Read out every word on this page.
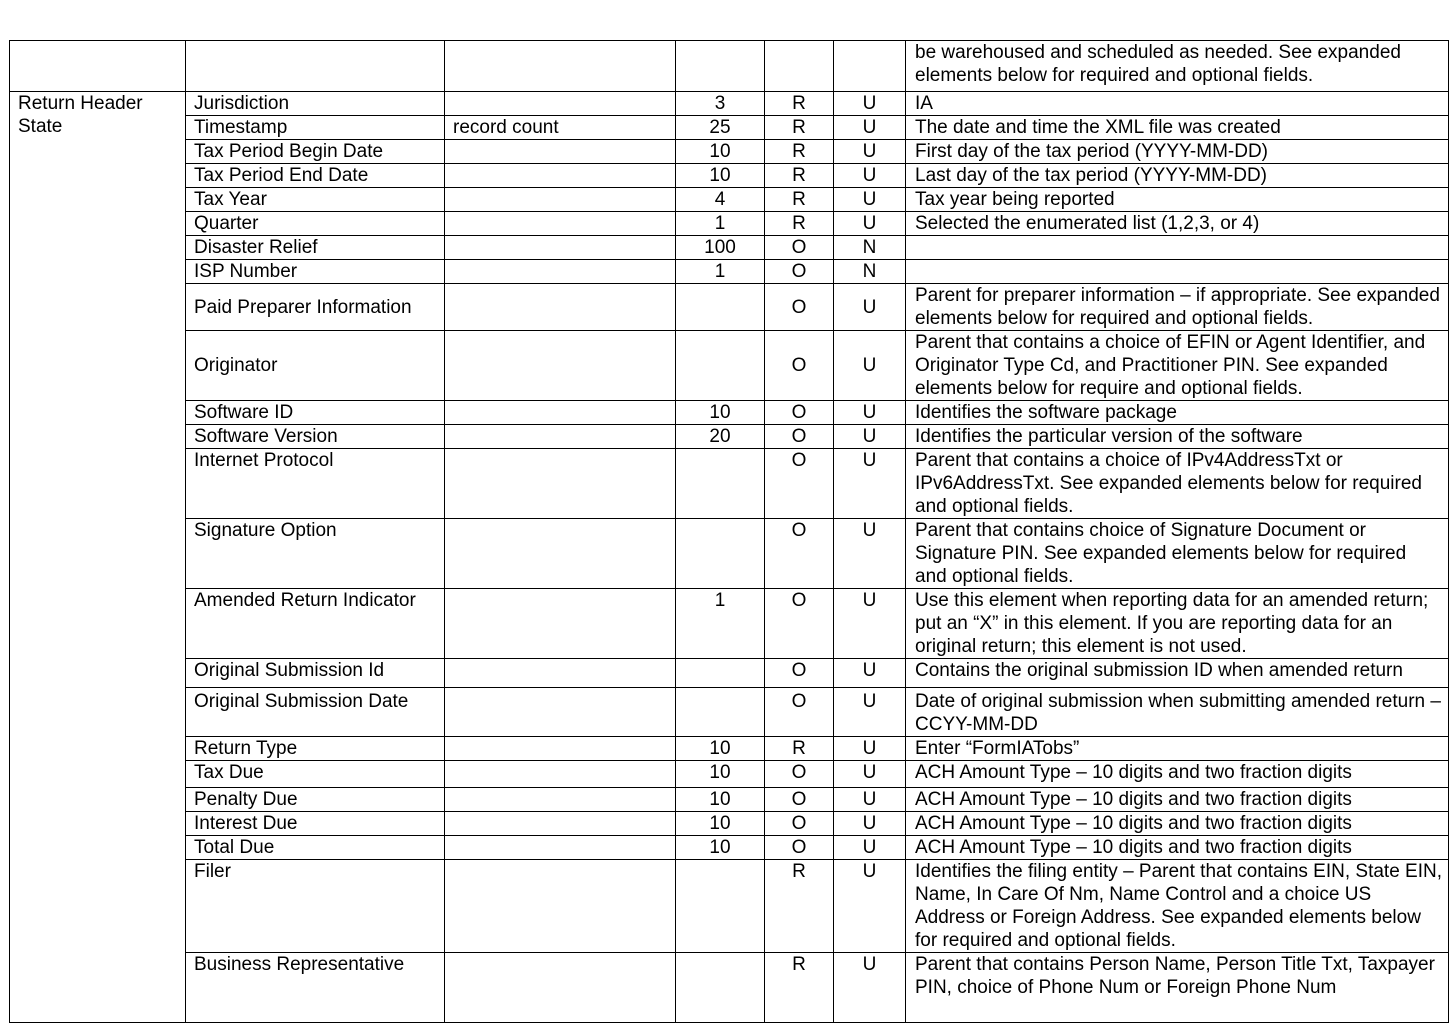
						be warehoused and scheduled as needed. See expanded elements below for required and optional fields.
Return Header State	Jurisdiction		3	R	U	IA
	Timestamp	record count	25	R	U	The date and time the XML file was created
	Tax Period Begin Date		10	R	U	First day of the tax period (YYYY-MM-DD)
	Tax Period End Date		10	R	U	Last day of the tax period (YYYY-MM-DD)
	Tax Year		4	R	U	Tax year being reported
	Quarter		1	R	U	Selected the enumerated list (1,2,3, or 4)
	Disaster Relief		100	O	N	
	ISP Number		1	O	N	
	Paid Preparer Information			O	U	Parent for preparer information – if appropriate. See expanded elements below for required and optional fields.
	Originator			O	U	Parent that contains a choice of EFIN or Agent Identifier, and Originator Type Cd, and Practitioner PIN. See expanded elements below for require and optional fields.
	Software ID		10	O	U	Identifies the software package
	Software Version		20	O	U	Identifies the particular version of the software
	Internet Protocol			O	U	Parent that contains a choice of IPv4AddressTxt or IPv6AddressTxt. See expanded elements below for required and optional fields.
	Signature Option			O	U	Parent that contains choice of Signature Document or Signature PIN. See expanded elements below for required and optional fields.
	Amended Return Indicator		1	O	U	Use this element when reporting data for an amended return; put an “X” in this element. If you are reporting data for an original return; this element is not used.
	Original Submission Id			O	U	Contains the original submission ID when amended return
	Original Submission Date			O	U	Date of original submission when submitting amended return – CCYY-MM-DD
	Return Type		10	R	U	Enter “FormIATobs”
	Tax Due		10	O	U	ACH Amount Type – 10 digits and two fraction digits
	Penalty Due		10	O	U	ACH Amount Type – 10 digits and two fraction digits
	Interest Due		10	O	U	ACH Amount Type – 10 digits and two fraction digits
	Total Due		10	O	U	ACH Amount Type – 10 digits and two fraction digits
	Filer			R	U	Identifies the filing entity – Parent that contains EIN, State EIN, Name, In Care Of Nm, Name Control and a choice US Address or Foreign Address. See expanded elements below for required and optional fields.
	Business Representative			R	U	Parent that contains Person Name, Person Title Txt, Taxpayer PIN, choice of Phone Num or Foreign Phone Num
